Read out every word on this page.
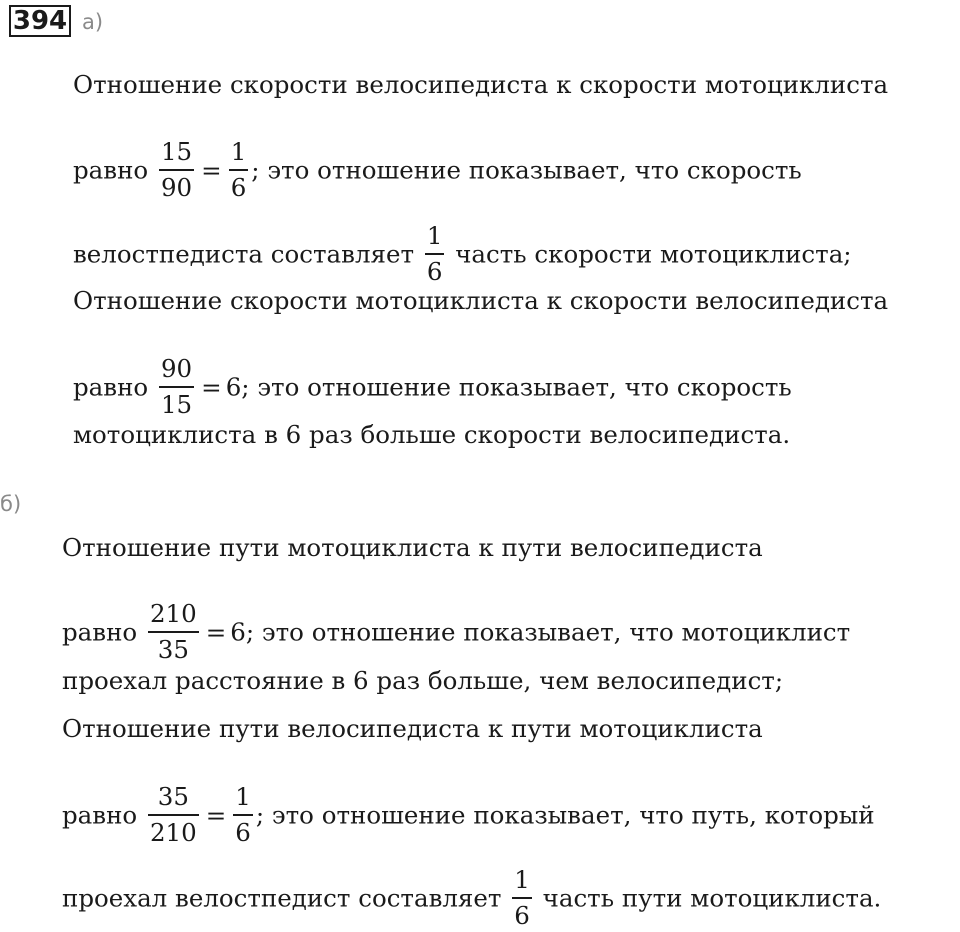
394 а)
Отношение скорости велосипедиста к скорости мотоциклиста
равно $\frac{15}{90} = \frac{1}{6}$ ; это отношение показывает, что скорость
велостпедиста составляет $\frac{1}{6}$ часть скорости мотоциклиста;
Отношение скорости мотоциклиста к скорости велосипедиста
равно $\frac{90}{15} = 6$; это отношение показывает, что скорость
мотоциклиста в 6 раз больше скорости велосипедиста.
б)
Отношение пути мотоциклиста к пути велосипедиста
равно $\frac{210}{35} = 6$; это отношение показывает, что мотоциклист
проехал расстояние в 6 раз больше, чем велосипедист;
Отношение пути велосипедиста к пути мотоциклиста
равно $\frac{35}{210} = \frac{1}{6}$ ; это отношение показывает, что путь, который
проехал велостпедист составляет $\frac{1}{6}$ часть пути мотоциклиста.
